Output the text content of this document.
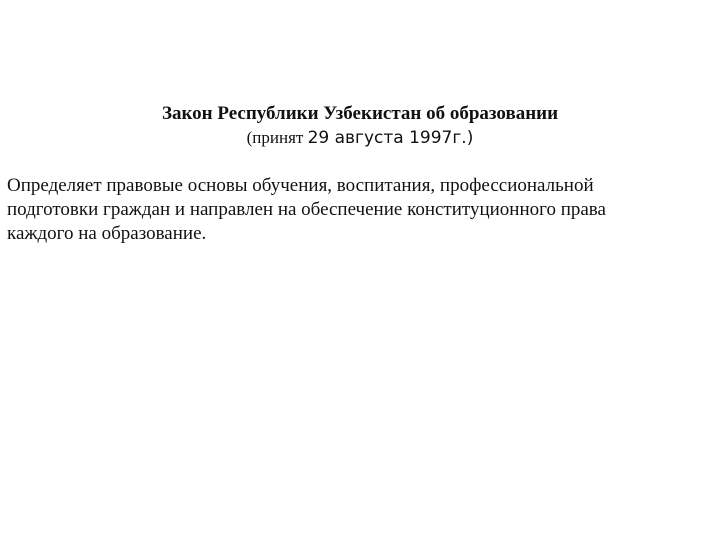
Закон Республики Узбекистан об образовании
(принят 29 августа 1997г.)
Определяет правовые основы обучения, воспитания, профессиональной
подготовки граждан и направлен на обеспечение конституционного права
каждого на образование.
